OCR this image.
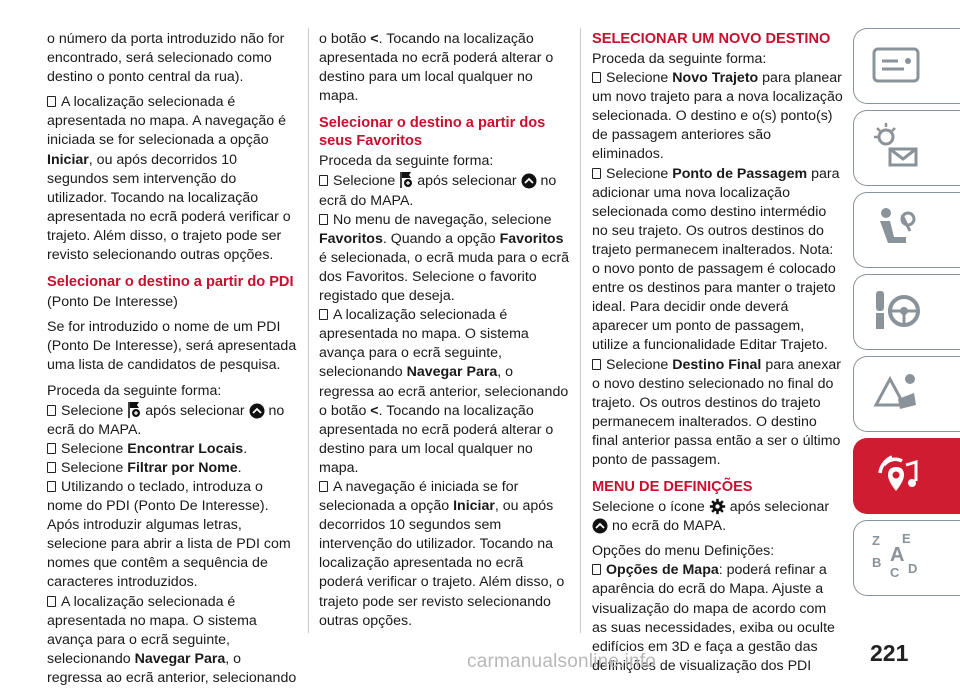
o número da porta introduzido não for encontrado, será selecionado como destino o ponto central da rua).

A localização selecionada é apresentada no mapa. A navegação é iniciada se for selecionada a opção Iniciar, ou após decorridos 10 segundos sem intervenção do utilizador. Tocando na localização apresentada no ecrã poderá verificar o trajeto. Além disso, o trajeto pode ser revisto selecionando outras opções.

Selecionar o destino a partir do PDI

(Ponto De Interesse)

Se for introduzido o nome de um PDI (Ponto De Interesse), será apresentada uma lista de candidatos de pesquisa.

Proceda da seguinte forma:

Selecione após selecionar no ecrã do MAPA.
Selecione Encontrar Locais.
Selecione Filtrar por Nome.
Utilizando o teclado, introduza o nome do PDI (Ponto De Interesse). Após introduzir algumas letras, selecione para abrir a lista de PDI com nomes que contêm a sequência de caracteres introduzidos.
A localização selecionada é apresentada no mapa. O sistema avança para o ecrã seguinte, selecionando Navegar Para, o regressa ao ecrã anterior, selecionando

o botão <. Tocando na localização apresentada no ecrã poderá alterar o destino para um local qualquer no mapa.

Selecionar o destino a partir dos seus Favoritos

Proceda da seguinte forma:

Selecione após selecionar no ecrã do MAPA.
No menu de navegação, selecione Favoritos. Quando a opção Favoritos é selecionada, o ecrã muda para o ecrã dos Favoritos. Selecione o favorito registado que deseja.
A localização selecionada é apresentada no mapa. O sistema avança para o ecrã seguinte, selecionando Navegar Para, o regressa ao ecrã anterior, selecionando o botão <. Tocando na localização apresentada no ecrã poderá alterar o destino para um local qualquer no mapa.
A navegação é iniciada se for selecionada a opção Iniciar, ou após decorridos 10 segundos sem intervenção do utilizador. Tocando na localização apresentada no ecrã poderá verificar o trajeto. Além disso, o trajeto pode ser revisto selecionando outras opções.
SELECIONAR UM NOVO DESTINO

Proceda da seguinte forma:

Selecione Novo Trajeto para planear um novo trajeto para a nova localização selecionada. O destino e o(s) ponto(s) de passagem anteriores são eliminados.
Selecione Ponto de Passagem para adicionar uma nova localização selecionada como destino intermédio no seu trajeto. Os outros destinos do trajeto permanecem inalterados. Nota: o novo ponto de passagem é colocado entre os destinos para manter o trajeto ideal. Para decidir onde deverá aparecer um ponto de passagem, utilize a funcionalidade Editar Trajeto.
Selecione Destino Final para anexar o novo destino selecionado no final do trajeto. Os outros destinos do trajeto permanecem inalterados. O destino final anterior passa então a ser o último ponto de passagem.
MENU DE DEFINIÇÕES

Selecione o ícone após selecionar  no ecrã do MAPA.

Opções do menu Definições:

Opções de Mapa: poderá refinar a aparência do ecrã do Mapa. Ajuste a visualização do mapa de acordo com as suas necessidades, exiba ou oculte edifícios em 3D e faça a gestão das definições de visualização dos PDI
Z E
B
C D
A
221
carmanualsonline.info
